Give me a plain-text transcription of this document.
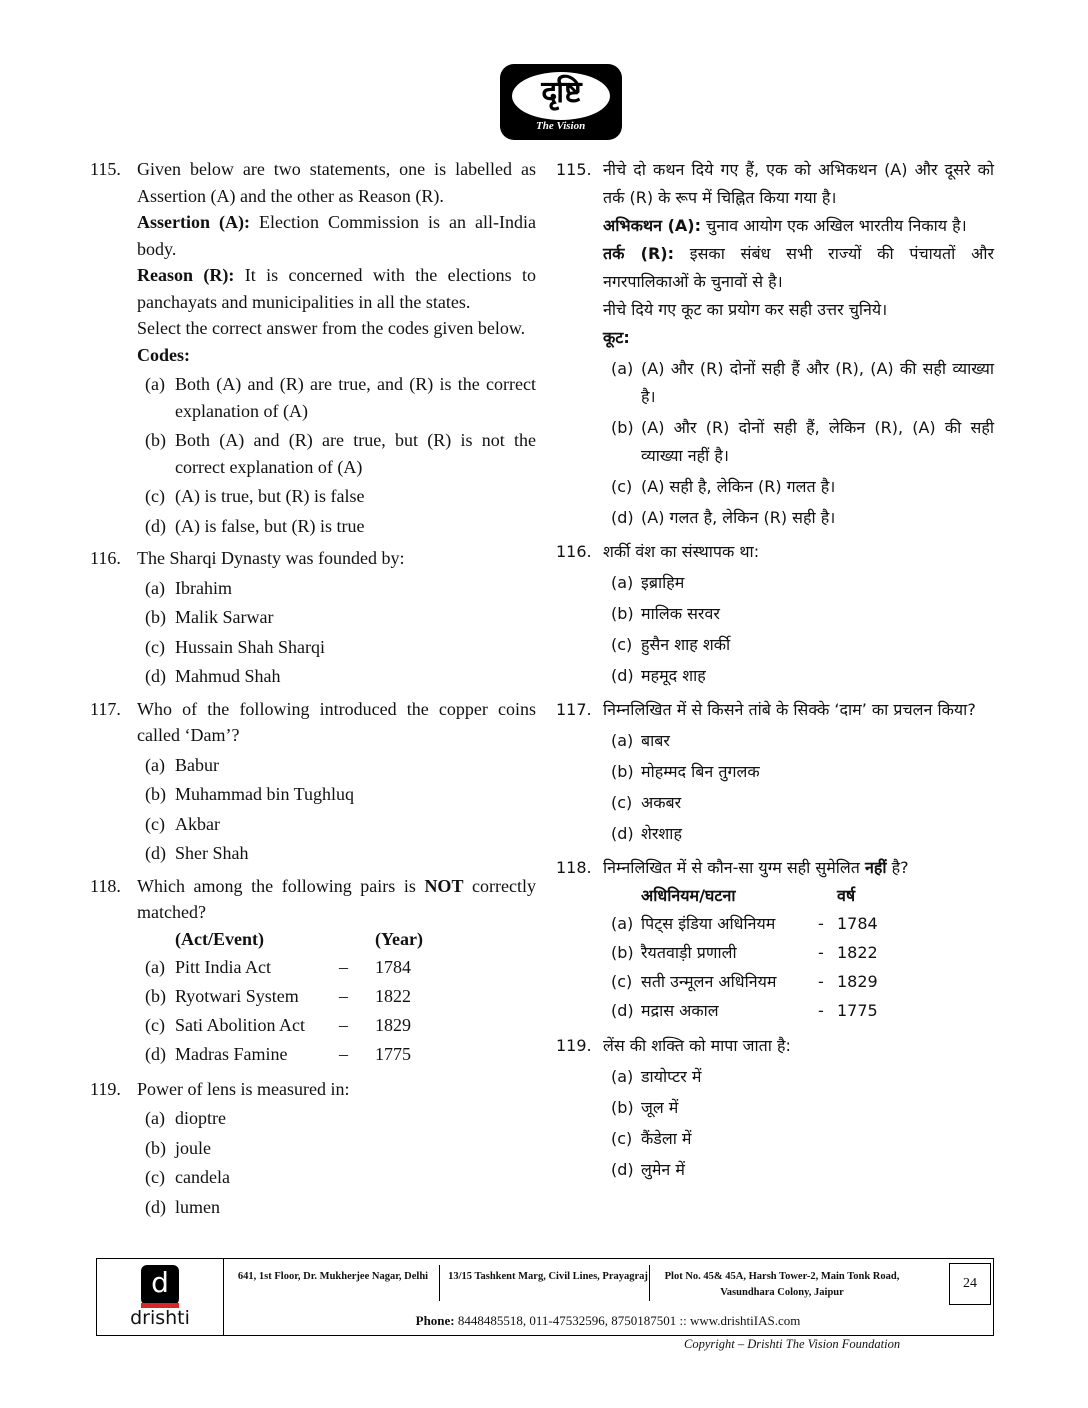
दृष्टि
The Vision
115. Given below are two statements, one is labelled as Assertion (A) and the other as Reason (R).
Assertion (A): Election Commission is an all-India body.
Reason (R): It is concerned with the elections to panchayats and municipalities in all the states.
Select the correct answer from the codes given below.
Codes:
(a) Both (A) and (R) are true, and (R) is the correct explanation of (A)
(b) Both (A) and (R) are true, but (R) is not the correct explanation of (A)
(c) (A) is true, but (R) is false
(d) (A) is false, but (R) is true
116. The Sharqi Dynasty was founded by:
(a) Ibrahim
(b) Malik Sarwar
(c) Hussain Shah Sharqi
(d) Mahmud Shah
117. Who of the following introduced the copper coins called ‘Dam’?
(a) Babur
(b) Muhammad bin Tughluq
(c) Akbar
(d) Sher Shah
118. Which among the following pairs is NOT correctly matched?
(Act/Event)	(Year)
(a) Pitt India Act	– 1784
(b) Ryotwari System – 1822
(c) Sati Abolition Act – 1829
(d) Madras Famine	– 1775
119. Power of lens is measured in:
(a) dioptre
(b) joule
(c) candela
(d) lumen
115. नीचे दो कथन दिये गए हैं, एक को अभिकथन (A) और दूसरे को तर्क (R) के रूप में चिह्नित किया गया है।
अभिकथन (A): चुनाव आयोग एक अखिल भारतीय निकाय है।
तर्क (R): इसका संबंध सभी राज्यों की पंचायतों और नगरपालिकाओं के चुनावों से है।
नीचे दिये गए कूट का प्रयोग कर सही उत्तर चुनिये।
कूट:
(a) (A) और (R) दोनों सही हैं और (R), (A) की सही व्याख्या है।
(b) (A) और (R) दोनों सही हैं, लेकिन (R), (A) की सही व्याख्या नहीं है।
(c) (A) सही है, लेकिन (R) गलत है।
(d) (A) गलत है, लेकिन (R) सही है।
116. शर्की वंश का संस्थापक था:
(a) इब्राहिम
(b) मालिक सरवर
(c) हुसैन शाह शर्की
(d) महमूद शाह
117. निम्नलिखित में से किसने तांबे के सिक्के ‘दाम’ का प्रचलन किया?
(a) बाबर
(b) मोहम्मद बिन तुगलक
(c) अकबर
(d) शेरशाह
118. निम्नलिखित में से कौन-सा युग्म सही सुमेलित नहीं है?
अधिनियम/घटना	वर्ष
(a) पिट्स इंडिया अधिनियम	- 1784
(b) रैयतवाड़ी प्रणाली	- 1822
(c) सती उन्मूलन अधिनियम	- 1829
(d) मद्रास अकाल	- 1775
119. लेंस की शक्ति को मापा जाता है:
(a) डायोप्टर में
(b) जूल में
(c) कैंडेला में
(d) लुमेन में
d
drishti
641, 1st Floor, Dr. Mukherjee Nagar, Delhi	13/15 Tashkent Marg, Civil Lines, Prayagraj	Plot No. 45& 45A, Harsh Tower-2, Main Tonk Road, Vasundhara Colony, Jaipur
24
Phone: 8448485518, 011-47532596, 8750187501 :: www.drishtiIAS.com
Copyright – Drishti The Vision Foundation
